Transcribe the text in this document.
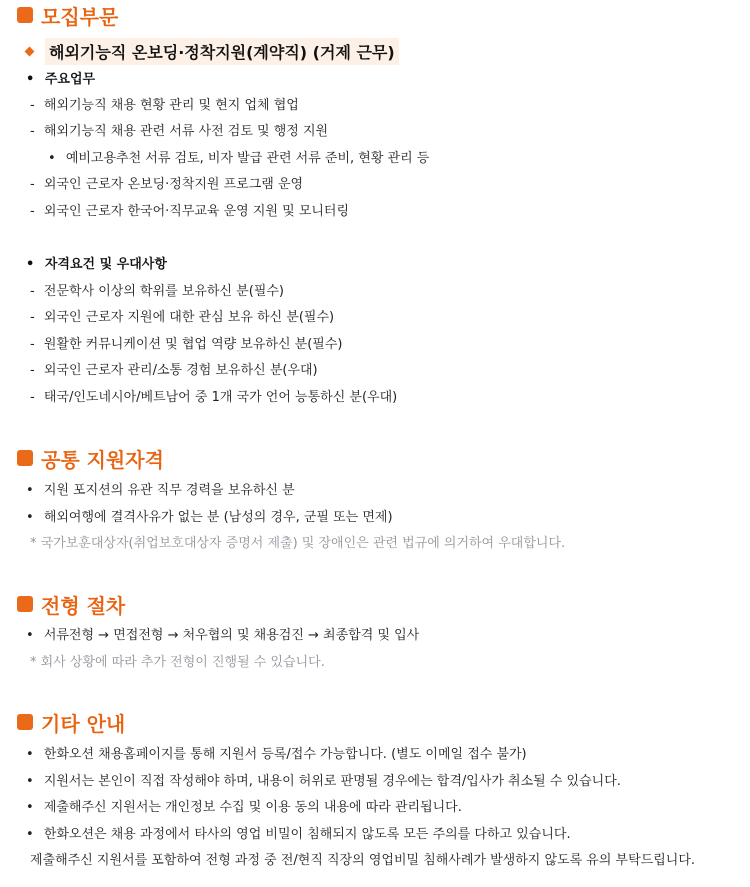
모집부문
해외기능직 온보딩·정착지원(계약직) (거제 근무)
• 주요업무
- 해외기능직 채용 현황 관리 및 현지 업체 협업
- 해외기능직 채용 관련 서류 사전 검토 및 행정 지원
• 예비고용추천 서류 검토, 비자 발급 관련 서류 준비, 현황 관리 등
- 외국인 근로자 온보딩·정착지원 프로그램 운영
- 외국인 근로자 한국어·직무교육 운영 지원 및 모니터링
• 자격요건 및 우대사항
- 전문학사 이상의 학위를 보유하신 분(필수)
- 외국인 근로자 지원에 대한 관심 보유 하신 분(필수)
- 원활한 커뮤니케이션 및 협업 역량 보유하신 분(필수)
- 외국인 근로자 관리/소통 경험 보유하신 분(우대)
- 태국/인도네시아/베트남어 중 1개 국가 언어 능통하신 분(우대)
공통 지원자격
• 지원 포지션의 유관 직무 경력을 보유하신 분
• 해외여행에 결격사유가 없는 분 (남성의 경우, 군필 또는 면제)
* 국가보훈대상자(취업보호대상자 증명서 제출) 및 장애인은 관련 법규에 의거하여 우대합니다.
전형 절차
• 서류전형 → 면접전형 → 처우협의 및 채용검진 → 최종합격 및 입사
* 회사 상황에 따라 추가 전형이 진행될 수 있습니다.
기타 안내
• 한화오션 채용홈페이지를 통해 지원서 등록/접수 가능합니다. (별도 이메일 접수 불가)
• 지원서는 본인이 직접 작성해야 하며, 내용이 허위로 판명될 경우에는 합격/입사가 취소될 수 있습니다.
• 제출해주신 지원서는 개인정보 수집 및 이용 동의 내용에 따라 관리됩니다.
• 한화오션은 채용 과정에서 타사의 영업 비밀이 침해되지 않도록 모든 주의를 다하고 있습니다.
제출해주신 지원서를 포함하여 전형 과정 중 전/현직 직장의 영업비밀 침해사례가 발생하지 않도록 유의 부탁드립니다.
